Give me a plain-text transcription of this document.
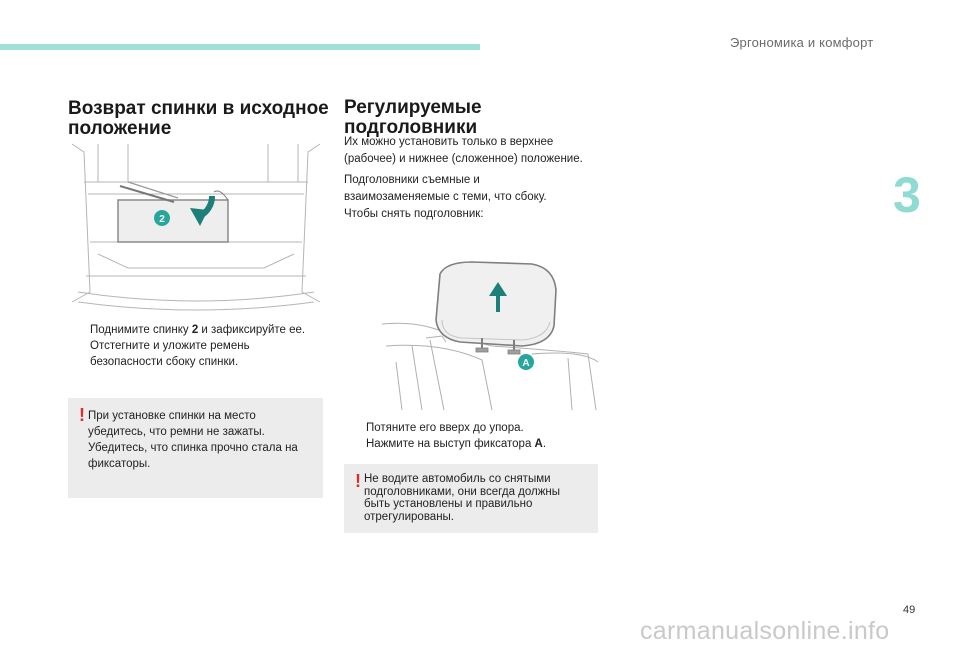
Эргономика и комфорт
3
Возврат спинки в исходное
положение
2
Поднимите спинку 2 и зафиксируйте ее.
Отстегните и уложите ремень
безопасности сбоку спинки.
! При установке спинки на место
убедитесь, что ремни не зажаты.
Убедитесь, что спинка прочно стала на
фиксаторы.
Регулируемые
подголовники
Их можно установить только в верхнее
(рабочее) и нижнее (сложенное) положение.
Подголовники съемные и
взаимозаменяемые с теми, что сбоку.
Чтобы снять подголовник:
A
Потяните его вверх до упора.
Нажмите на выступ фиксатора A.
! Не водите автомобиль со снятыми
подголовниками, они всегда должны
быть установлены и правильно
отрегулированы.
49
carmanualsonline.info
